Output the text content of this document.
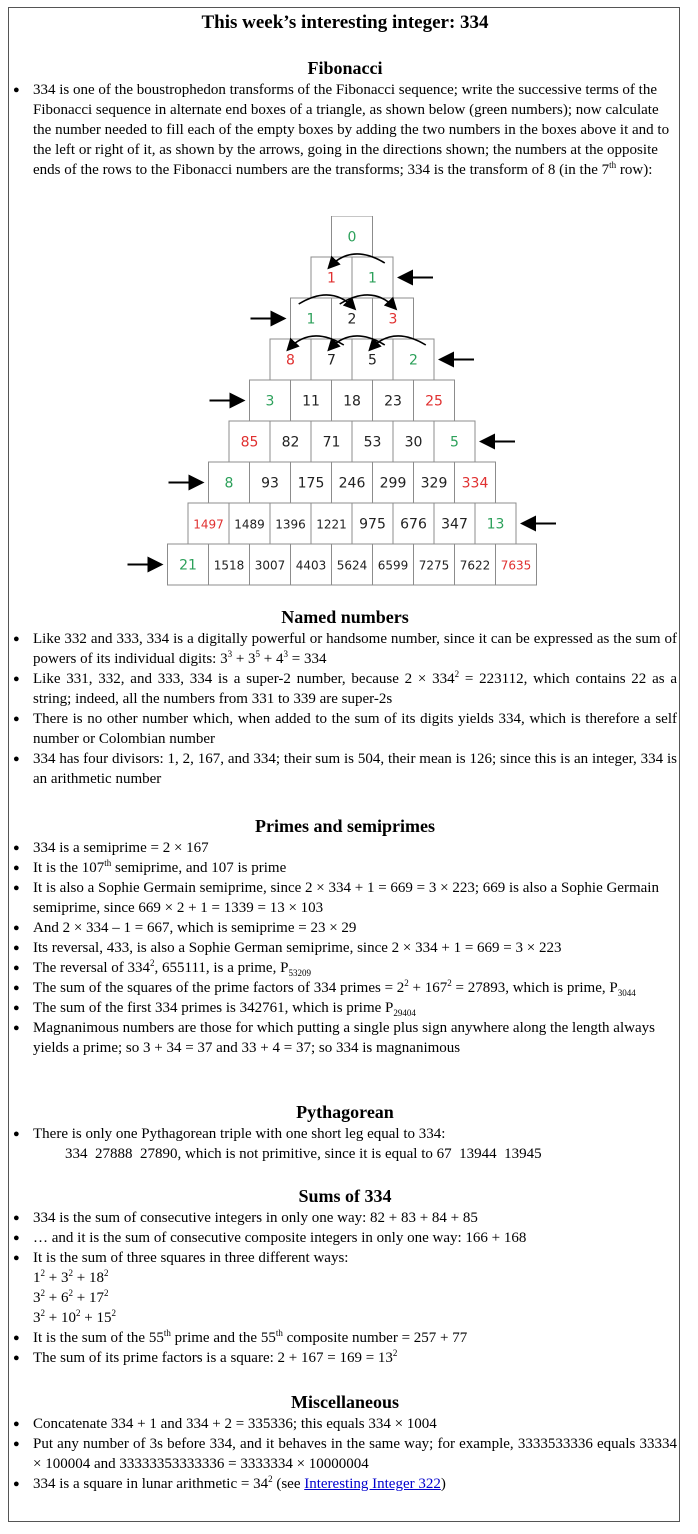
This week’s interesting integer: 334
Fibonacci
● 334 is one of the boustrophedon transforms of the Fibonacci sequence; write the successive terms of the Fibonacci sequence in alternate end boxes of a triangle, as shown below (green numbers); now calculate the number needed to fill each of the empty boxes by adding the two numbers in the boxes above it and to the left or right of it, as shown by the arrows, going in the directions shown; the numbers at the opposite ends of the rows to the Fibonacci numbers are the transforms; 334 is the transform of 8 (in the 7th row):
0
1 1
1 2 3
8 7 5 2
3 11 18 23 25
85 82 71 53 30 5
8 93 175 246 299 329 334
1497 1489 1396 1221 975 676 347 13
21 1518 3007 4403 5624 6599 7275 7622 7635
Named numbers
● Like 332 and 333, 334 is a digitally powerful or handsome number, since it can be expressed as the sum of powers of its individual digits: $3^3 + 3^5 + 4^3 = 334$
● Like 331, 332, and 333, 334 is a super-2 number, because $2 \times 334^2 = 223112$, which contains 22 as a string; indeed, all the numbers from 331 to 339 are super-2s
● There is no other number which, when added to the sum of its digits yields 334, which is therefore a self number or Colombian number
● 334 has four divisors: 1, 2, 167, and 334; their sum is 504, their mean is 126; since this is an integer, 334 is an arithmetic number
Primes and semiprimes
● 334 is a semiprime = 2 × 167
● It is the 107th semiprime, and 107 is prime
● It is also a Sophie Germain semiprime, since 2 × 334 + 1 = 669 = 3 × 223; 669 is also a Sophie Germain semiprime, since 669 × 2 + 1 = 1339 = 13 × 103
● And 2 × 334 – 1 = 667, which is semiprime = 23 × 29
● Its reversal, 433, is also a Sophie German semiprime, since 2 × 334 + 1 = 669 = 3 × 223
● The reversal of $334^2$, 655111, is a prime, $P_{53209}$
● The sum of the squares of the prime factors of 334 primes = $2^2 + 167^2 = 27893$, which is prime, $P_{3044}$
● The sum of the first 334 primes is 342761, which is prime $P_{29404}$
● Magnanimous numbers are those for which putting a single plus sign anywhere along the length always yields a prime; so 3 + 34 = 37 and 33 + 4 = 37; so 334 is magnanimous
Pythagorean
● There is only one Pythagorean triple with one short leg equal to 334:
334  27888  27890, which is not primitive, since it is equal to 67  13944  13945
Sums of 334
● 334 is the sum of consecutive integers in only one way: 82 + 83 + 84 + 85
● … and it is the sum of consecutive composite integers in only one way: 166 + 168
● It is the sum of three squares in three different ways:
$1^2 + 3^2 + 18^2$
$3^2 + 6^2 + 17^2$
$3^2 + 10^2 + 15^2$
● It is the sum of the 55th prime and the 55th composite number = 257 + 77
● The sum of its prime factors is a square: $2 + 167 = 169 = 13^2$
Miscellaneous
● Concatenate 334 + 1 and 334 + 2 = 335336; this equals 334 × 1004
● Put any number of 3s before 334, and it behaves in the same way; for example, 3333533336 equals 33334 × 100004 and 33333353333336 = 3333334 × 10000004
● 334 is a square in lunar arithmetic = $34^2$ (see Interesting Integer 322)
